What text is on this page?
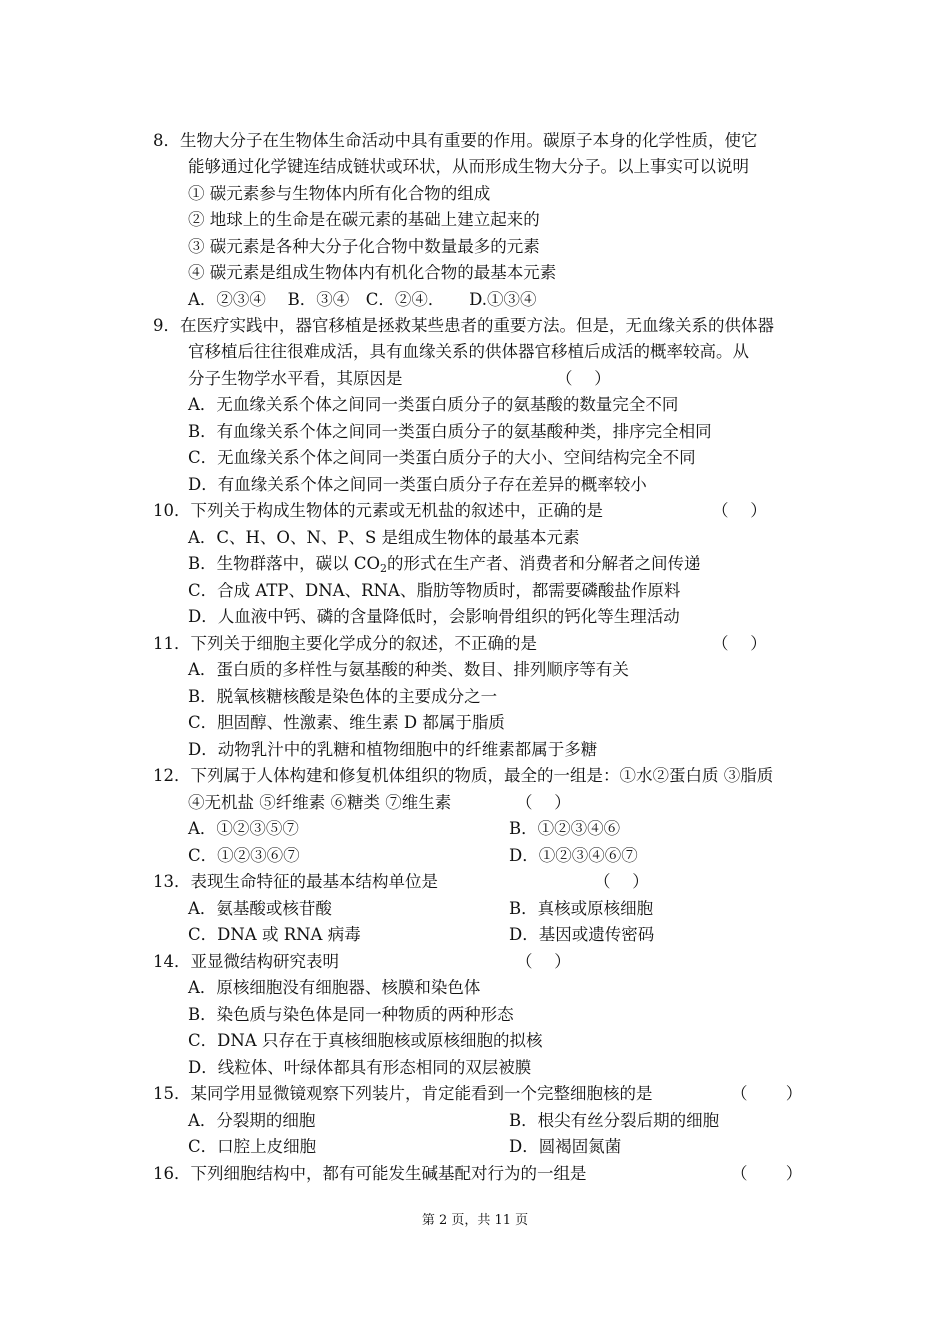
8．生物大分子在生物体生命活动中具有重要的作用。碳原子本身的化学性质，使它
能够通过化学键连结成链状或环状，从而形成生物大分子。以上事实可以说明
① 碳元素参与生物体内所有化合物的组成
② 地球上的生命是在碳元素的基础上建立起来的
③ 碳元素是各种大分子化合物中数量最多的元素
④ 碳元素是组成生物体内有机化合物的最基本元素
A．②③④　 B．③④　C．②④．　　D.①③④
9．在医疗实践中，器官移植是拯救某些患者的重要方法。但是，无血缘关系的供体器
官移植后往往很难成活，具有血缘关系的供体器官移植后成活的概率较高。从
分子生物学水平看，其原因是	（　 ）
A．无血缘关系个体之间同一类蛋白质分子的氨基酸的数量完全不同
B．有血缘关系个体之间同一类蛋白质分子的氨基酸种类，排序完全相同
C．无血缘关系个体之间同一类蛋白质分子的大小、空间结构完全不同
D．有血缘关系个体之间同一类蛋白质分子存在差异的概率较小
10．下列关于构成生物体的元素或无机盐的叙述中，正确的是	（　 ）
A．C、H、O、N、P、S 是组成生物体的最基本元素
B．生物群落中，碳以 $CO_2$的形式在生产者、消费者和分解者之间传递
C．合成 ATP、DNA、RNA、脂肪等物质时，都需要磷酸盐作原料
D．人血液中钙、磷的含量降低时，会影响骨组织的钙化等生理活动
11．下列关于细胞主要化学成分的叙述，不正确的是	（　 ）
A．蛋白质的多样性与氨基酸的种类、数目、排列顺序等有关
B．脱氧核糖核酸是染色体的主要成分之一
C．胆固醇、性激素、维生素 D 都属于脂质
D．动物乳汁中的乳糖和植物细胞中的纤维素都属于多糖
12．下列属于人体构建和修复机体组织的物质，最全的一组是：①水②蛋白质 ③脂质
④无机盐 ⑤纤维素 ⑥糖类 ⑦维生素	（　 ）
A．①②③⑤⑦	B．①②③④⑥
C．①②③⑥⑦	D．①②③④⑥⑦
13．表现生命特征的最基本结构单位是	（　 ）
A．氨基酸或核苷酸	B．真核或原核细胞
C．DNA 或 RNA 病毒	D．基因或遗传密码
14．亚显微结构研究表明	（　 ）
A．原核细胞没有细胞器、核膜和染色体
B．染色质与染色体是同一种物质的两种形态
C．DNA 只存在于真核细胞核或原核细胞的拟核
D．线粒体、叶绿体都具有形态相同的双层被膜
15．某同学用显微镜观察下列装片，肯定能看到一个完整细胞核的是	（　　 ）
A．分裂期的细胞	B．根尖有丝分裂后期的细胞
C．口腔上皮细胞	D．圆褐固氮菌
16．下列细胞结构中，都有可能发生碱基配对行为的一组是	（　　 ）
第 2 页，共 11 页
